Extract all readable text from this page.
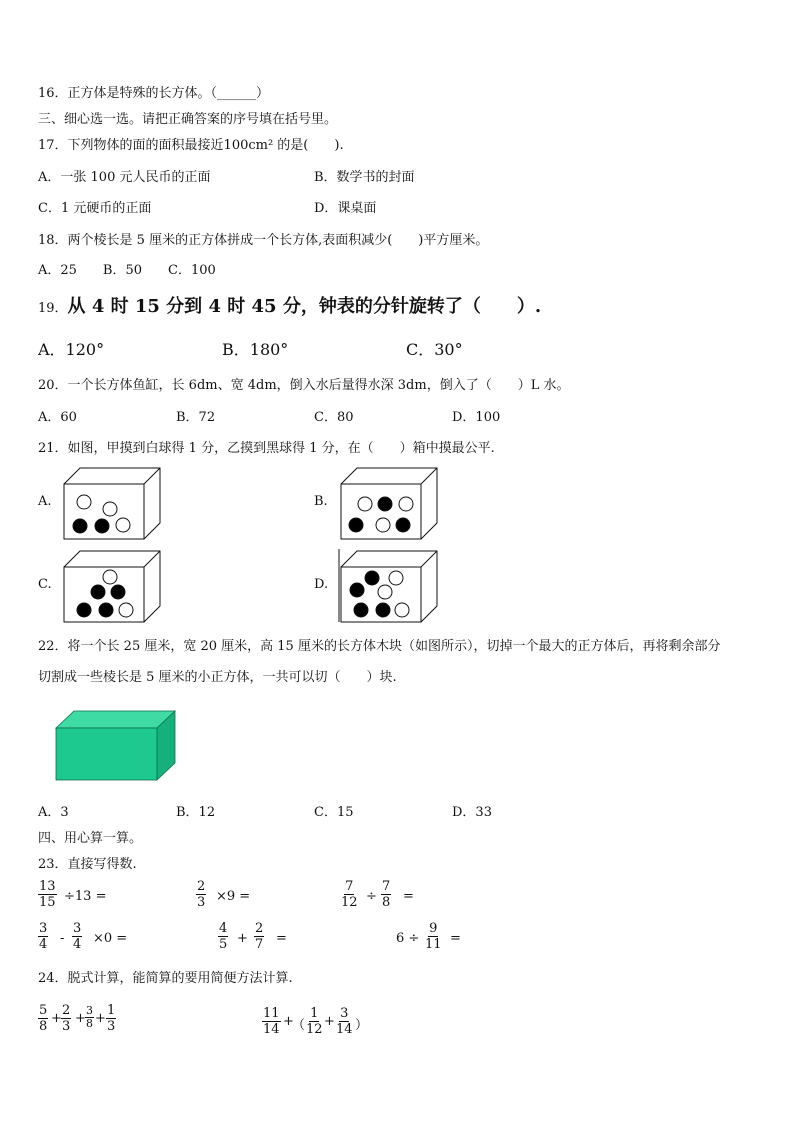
16．正方体是特殊的长方体。（______）
三、细心选一选。请把正确答案的序号填在括号里。
17．下列物体的面的面积最接近100cm² 的是(　　).
A．一张 100 元人民币的正面	B．数学书的封面
C．1 元硬币的正面	D．课桌面
18．两个棱长是 5 厘米的正方体拼成一个长方体,表面积减少(　　)平方厘米。
A．25　　B．50　　C．100
19．从 4 时 15 分到 4 时 45 分，钟表的分针旋转了（　　）.
A．120°	B．180°	C．30°
20．一个长方体鱼缸，长 6dm、宽 4dm，倒入水后量得水深 3dm，倒入了（　　）L 水。
A．60	B．72	C．80	D．100
21．如图，甲摸到白球得 1 分，乙摸到黑球得 1 分，在（　　）箱中摸最公平.
A.	B.
C.	D.
22．将一个长 25 厘米，宽 20 厘米，高 15 厘米的长方体木块（如图所示），切掉一个最大的正方体后，再将剩余部分
切割成一些棱长是 5 厘米的小正方体，一共可以切（　　）块.
A．3	B．12	C．15	D．33
四、用心算一算。
23．直接写得数.
$\frac{13}{15} \div 13$ =	$\frac{2}{3} \times 9$ =	$\frac{7}{12} \div \frac{7}{8}$ =
$\frac{3}{4} - \frac{3}{4} \times 0$ =	$\frac{4}{5} + \frac{2}{7}$ =	$6 \div \frac{9}{11}$ =
24．脱式计算，能简算的要用简便方法计算.
$\frac{5}{8} + \frac{2}{3}$ +
3
$8 + \frac{1}{3}$	$\frac{11}{14}$ +
（ $\frac{1}{12} + \frac{3}{14}$ ）
